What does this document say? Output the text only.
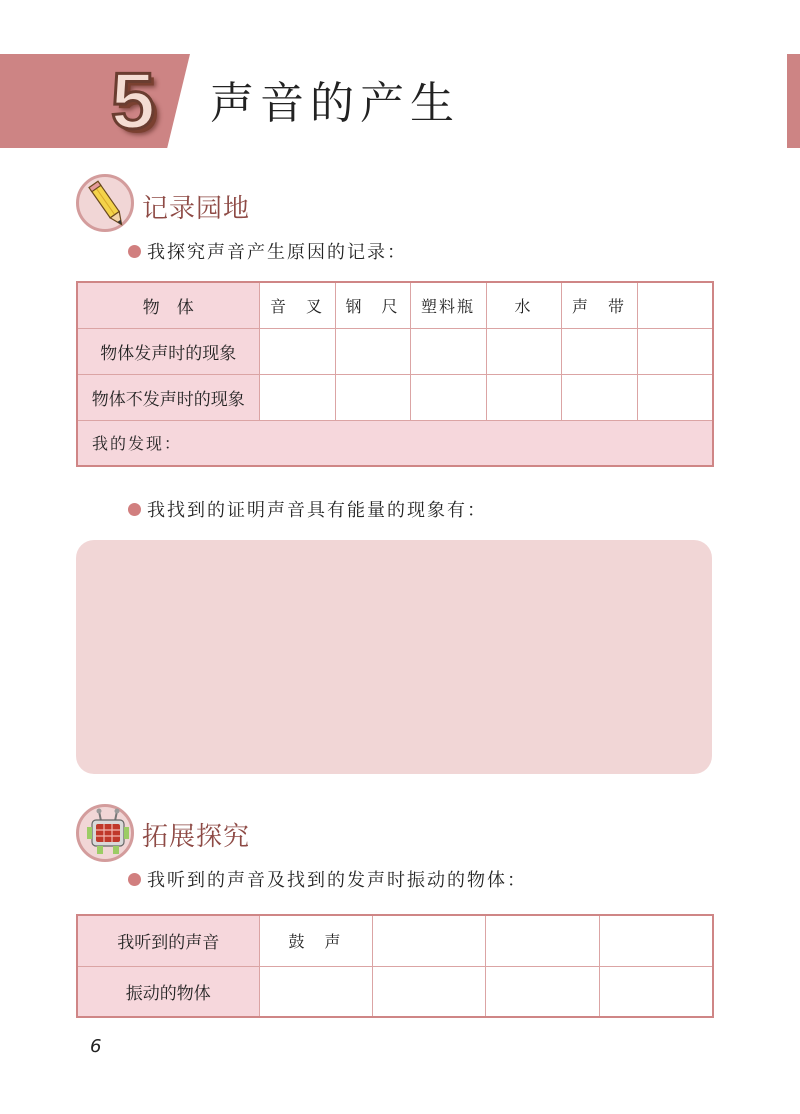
5 声音的产生
记录园地
我探究声音产生原因的记录：
物　体	音　叉	钢　尺	塑料瓶	水	声　带	
物体发声时的现象						
物体不发声时的现象						
我的发现：						
我找到的证明声音具有能量的现象有：
拓展探究
我听到的声音及找到的发声时振动的物体：
我听到的声音	鼓　声			
振动的物体				
6
